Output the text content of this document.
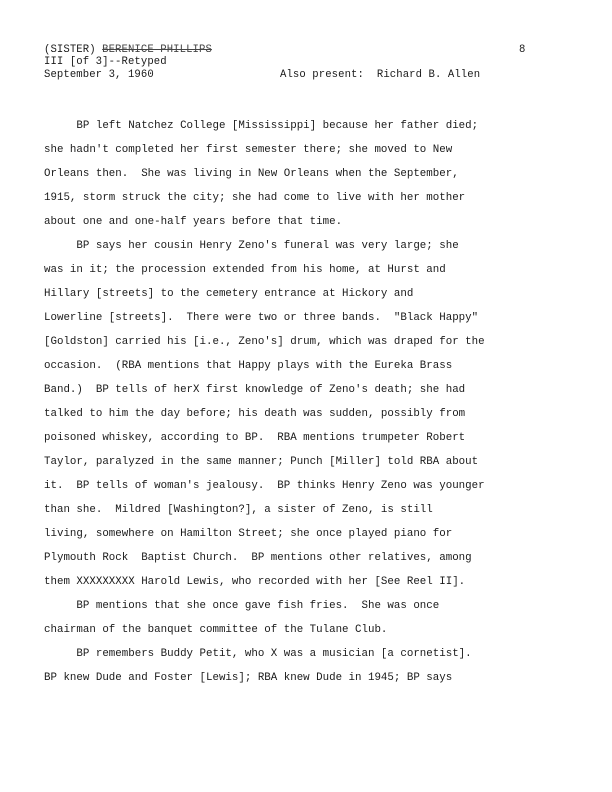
(SISTER) BERENICE PHILLIPS	8
III [of 3]--Retyped
September 3, 1960	Also present:  Richard B. Allen
BP left Natchez College [Mississippi] because her father died;
she hadn't completed her first semester there; she moved to New
Orleans then.  She was living in New Orleans when the September,
1915, storm struck the city; she had come to live with her mother
about one and one-half years before that time.
BP says her cousin Henry Zeno's funeral was very large; she
was in it; the procession extended from his home, at Hurst and
Hillary [streets] to the cemetery entrance at Hickory and
Lowerline [streets].  There were two or three bands.  "Black Happy"
[Goldston] carried his [i.e., Zeno's] drum, which was draped for the
occasion.  (RBA mentions that Happy plays with the Eureka Brass
Band.)  BP tells of herX first knowledge of Zeno's death; she had
talked to him the day before; his death was sudden, possibly from
poisoned whiskey, according to BP.  RBA mentions trumpeter Robert
Taylor, paralyzed in the same manner; Punch [Miller] told RBA about
it.  BP tells of woman's jealousy.  BP thinks Henry Zeno was younger
than she.  Mildred [Washington?], a sister of Zeno, is still
living, somewhere on Hamilton Street; she once played piano for
Plymouth Rock  Baptist Church.  BP mentions other relatives, among
them XXXXXXXXX Harold Lewis, who recorded with her [See Reel II].
BP mentions that she once gave fish fries.  She was once
chairman of the banquet committee of the Tulane Club.
BP remembers Buddy Petit, who X was a musician [a cornetist].
BP knew Dude and Foster [Lewis]; RBA knew Dude in 1945; BP says
